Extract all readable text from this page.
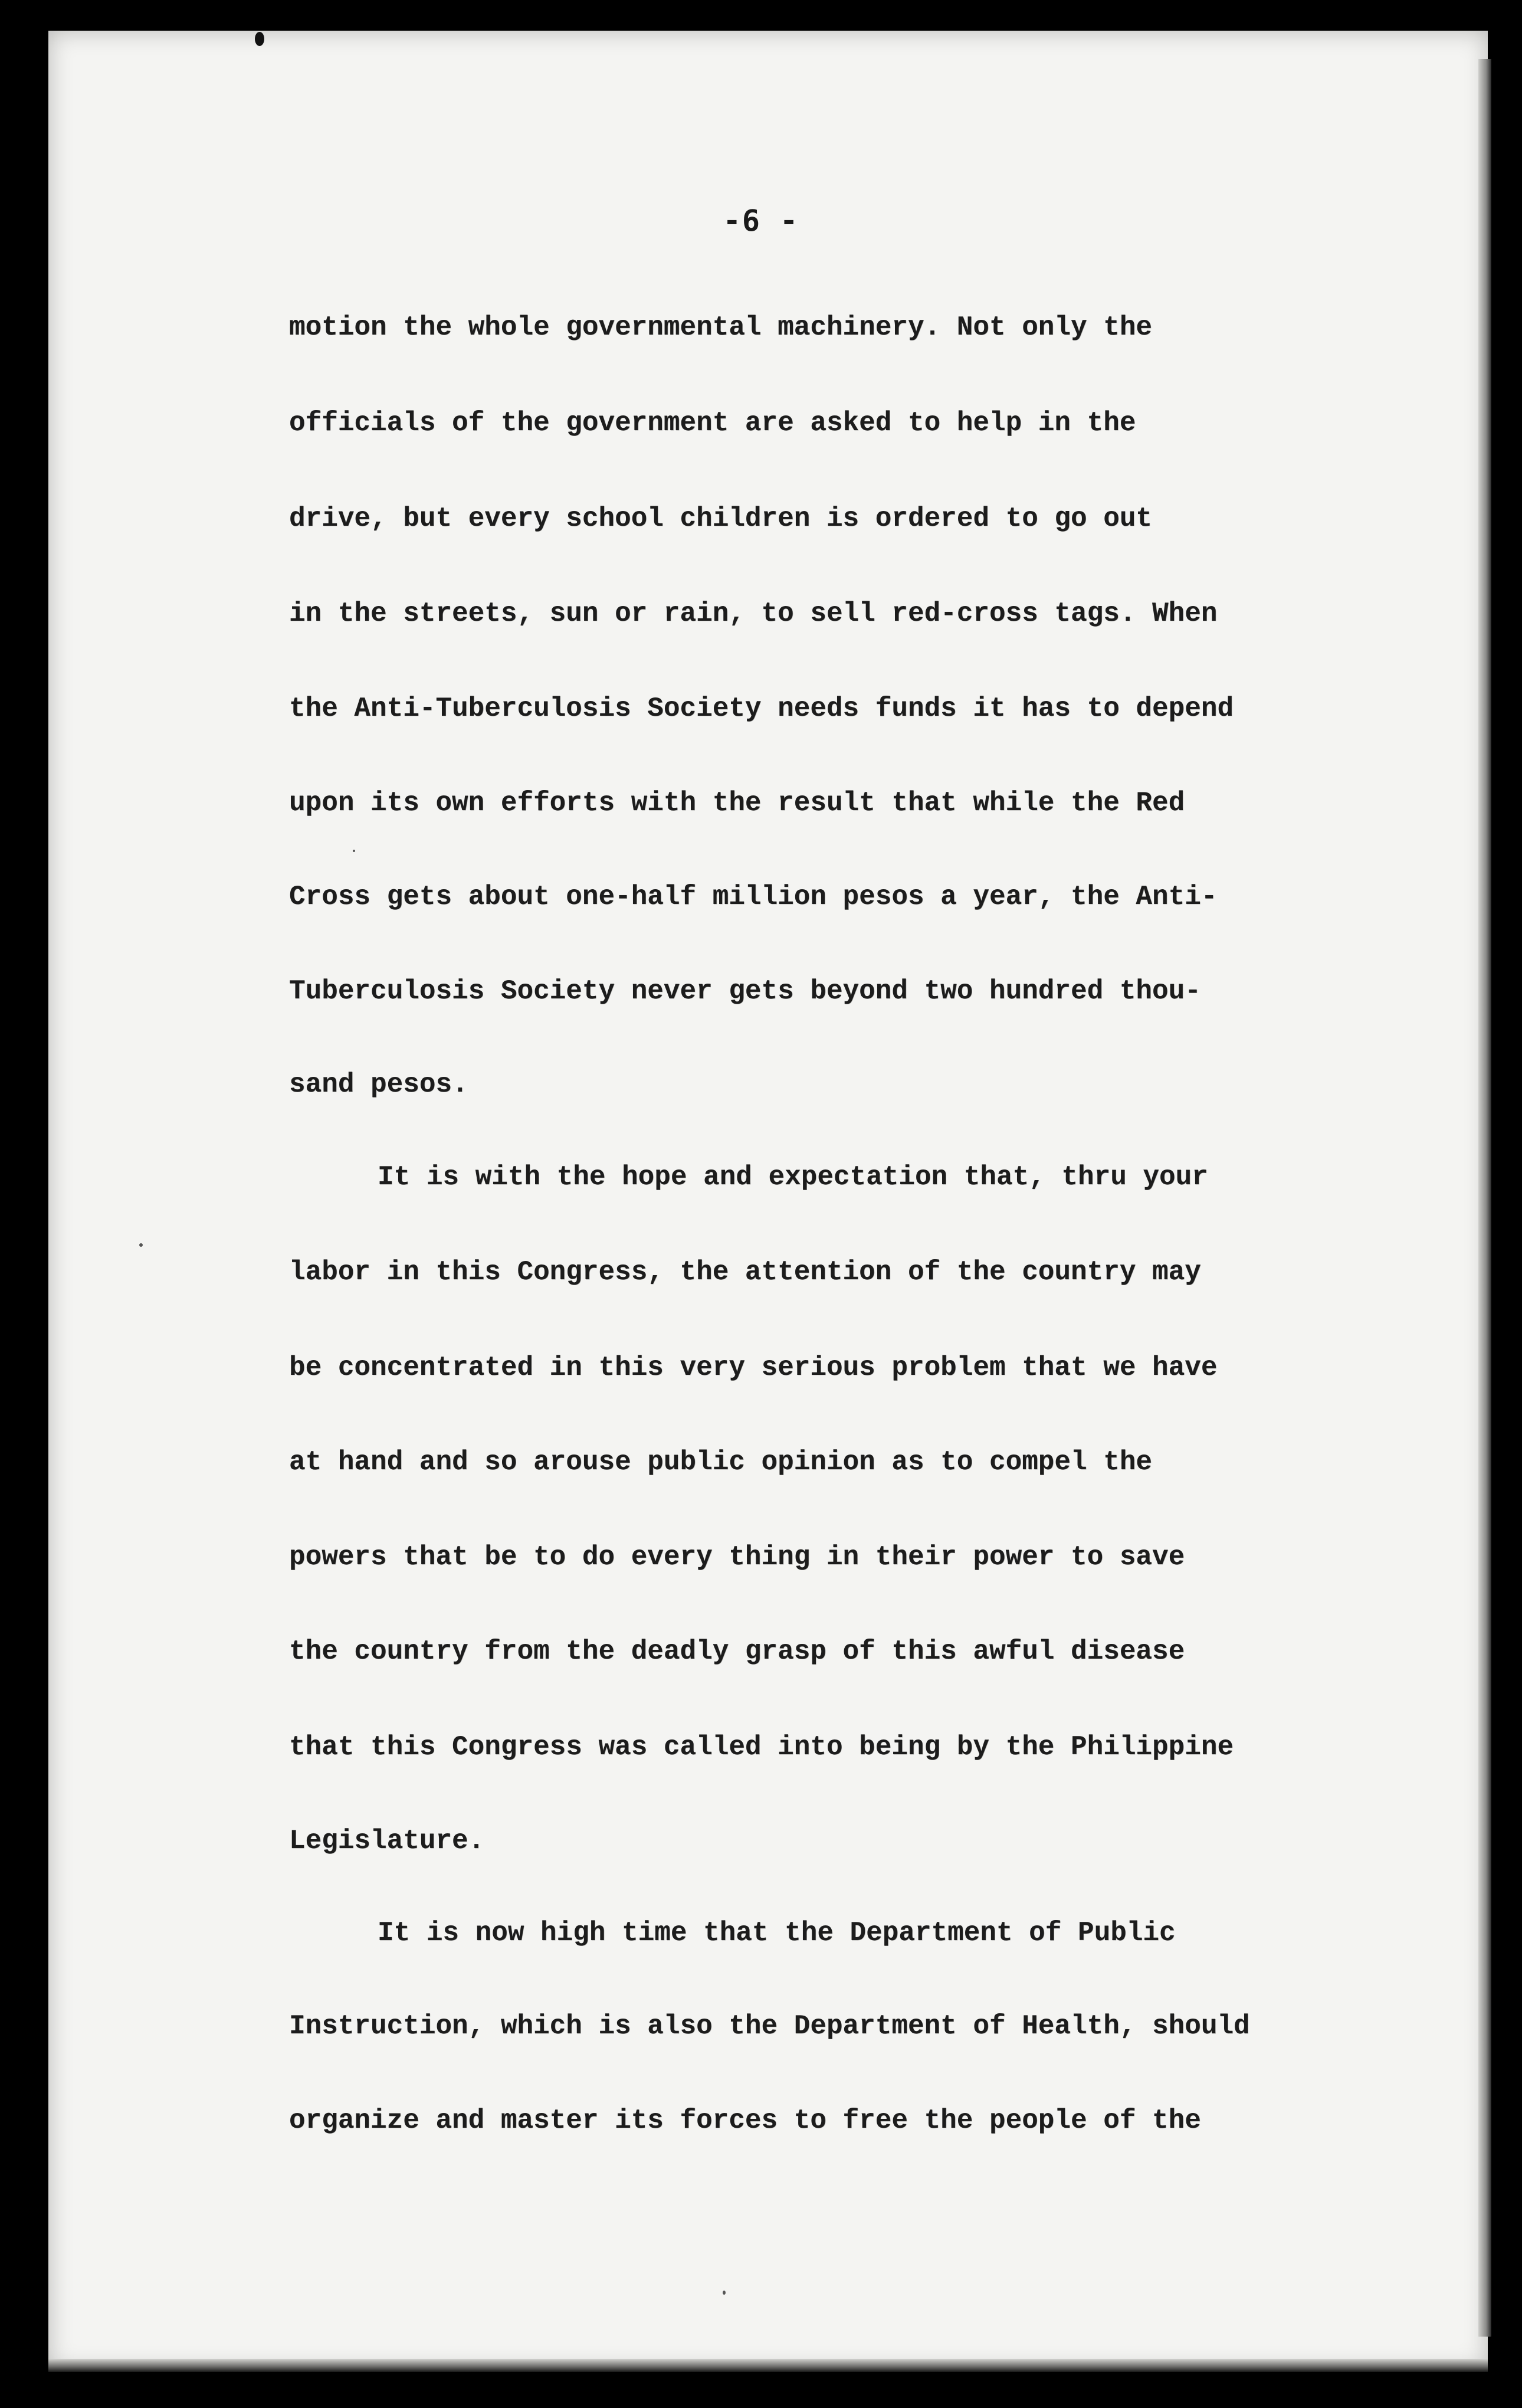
-6 -

motion the whole governmental machinery. Not only the

officials of the government are asked to help in the

drive, but every school children is ordered to go out

in the streets, sun or rain, to sell red-cross tags. When

the Anti-Tuberculosis Society needs funds it has to depend

upon its own efforts with the result that while the Red

Cross gets about one-half million pesos a year, the Anti-

Tuberculosis Society never gets beyond two hundred thou-

sand pesos.

It is with the hope and expectation that, thru your

labor in this Congress, the attention of the country may

be concentrated in this very serious problem that we have

at hand and so arouse public opinion as to compel the

powers that be to do every thing in their power to save

the country from the deadly grasp of this awful disease

that this Congress was called into being by the Philippine

Legislature.

It is now high time that the Department of Public

Instruction, which is also the Department of Health, should

organize and master its forces to free the people of the
